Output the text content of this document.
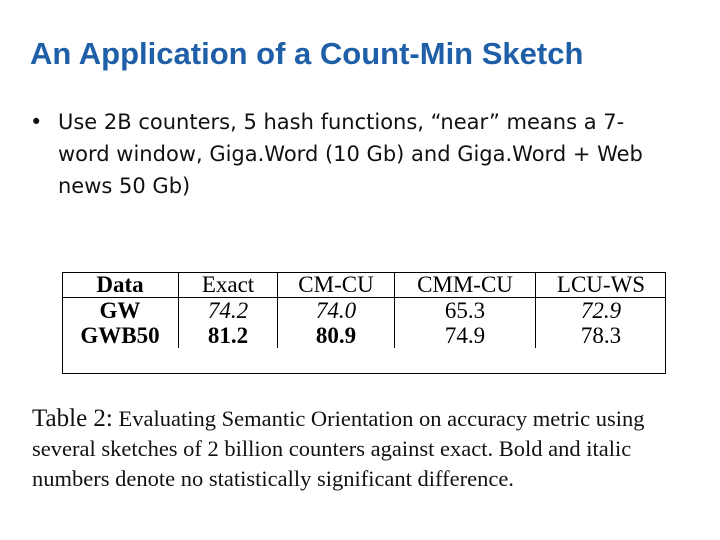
An Application of a Count-Min Sketch
• Use 2B counters, 5 hash functions, “near” means a 7-word window, Giga.Word (10 Gb) and Giga.Word + Web news 50 Gb)
Data	Exact	CM-CU	CMM-CU	LCU-WS
GW	74.2	74.0	65.3	72.9
GWB50	81.2	80.9	74.9	78.3
Table 2: Evaluating Semantic Orientation on accuracy metric using several sketches of 2 billion counters against exact. Bold and italic numbers denote no statistically significant difference.
